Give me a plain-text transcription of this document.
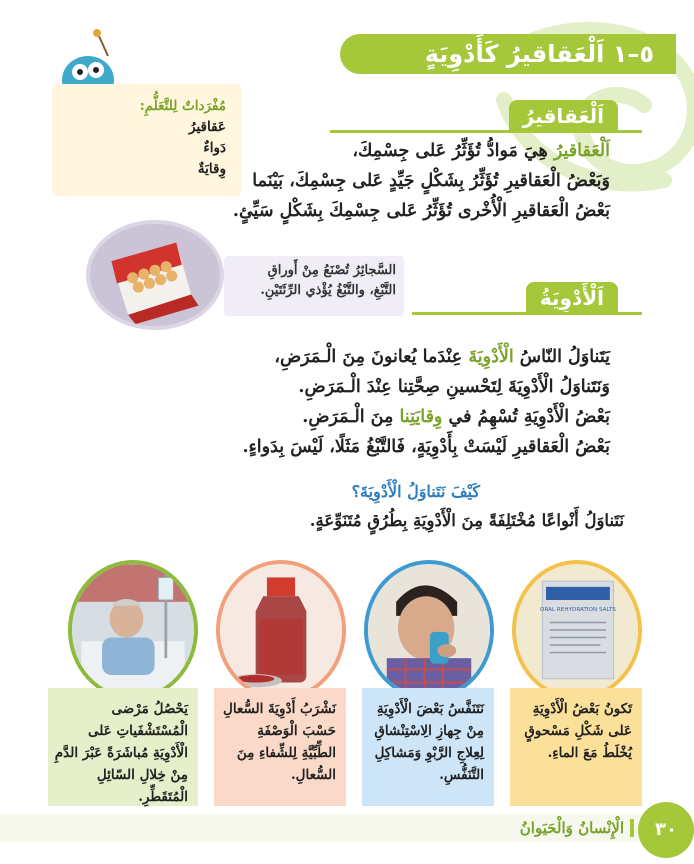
٥–١ اَلْعَقاقيرُ كَأَدْوِيَةٍ
مُفْرَداتٌ لِلتَّعَلُّمِ:
عَقاقيرُ
دَواءٌ
وِقايَةٌ
اَلْعَقاقيرُ

اَلْعَقاقيرُ هِيَ مَوادُّ تُؤَثِّرُ عَلى جِسْمِكَ،

وَبَعْضُ الْعَقاقيرِ تُؤَثِّرُ بِشَكْلٍ جَيِّدٍ عَلى جِسْمِكَ، بَيْنَما

بَعْضُ الْعَقاقيرِ الْأُخْرى تُؤَثِّرُ عَلى جِسْمِكَ بِشَكْلٍ سَيِّئٍ.

السَّجائِرُ تُصْنَعُ مِنْ أَوراقِ
التَّبْغِ، والتَّبْغُ يُؤْذي الرِّئَتَيْنِ.	اَلْأَدْوِيَةُ

يَتَناوَلُ النّاسُ الْأَدْوِيَةَ عِنْدَما يُعانونَ مِنَ الْـمَرَضِ،

وَنَتَناوَلُ الْأَدْوِيَةَ لِتَحْسينِ صِحَّتِنا عِنْدَ الْـمَرَضِ.

بَعْضُ الْأَدْوِيَةِ تُسْهِمُ في وِقايَتِنا مِنَ الْـمَرَضِ.

بَعْضُ الْعَقاقيرِ لَيْسَتْ بِأَدْوِيَةٍ، فَالتَّبْغُ مَثَلًا، لَيْسَ بِدَواءٍ.

كَيْفَ نَتَناوَلُ الْأَدْوِيَةَ؟

نَتَناوَلُ أَنْواعًا مُخْتَلِفَةً مِنَ الْأَدْوِيَةِ بِطُرُقٍ مُتَنَوِّعَةٍ.

ORAL REHYDRATION SALTS
تَكونُ بَعْضُ الْأَدْوِيَةِ عَلى شَكْلِ مَسْحوقٍ يُخْلَطُ مَعَ الماءِ.
نَتَنَفَّسُ بَعْضَ الْأَدْوِيَةِ مِنْ جِهازِ الِاسْتِنْشاقِ لِعِلاجِ الرَّبْوِ وَمَشاكِلِ التَّنَفُّسِ.
نَشْرَبُ أَدْوِيَةَ السُّعالِ حَسْبَ الْوَصْفَةِ الطِّبِّيَّةِ لِلشِّفاءِ مِنَ السُّعالِ.
يَحْصُلُ مَرْضى الْمُسْتَشْفَياتِ عَلى الْأَدْوِيَةِ مُباشَرَةً عَبْرَ الدَّمِ مِنْ خِلالِ السّائِلِ الْمُتَقَطِّرِ.
الْإِنْسانُ وَالْحَيَوانُ	٣٠
